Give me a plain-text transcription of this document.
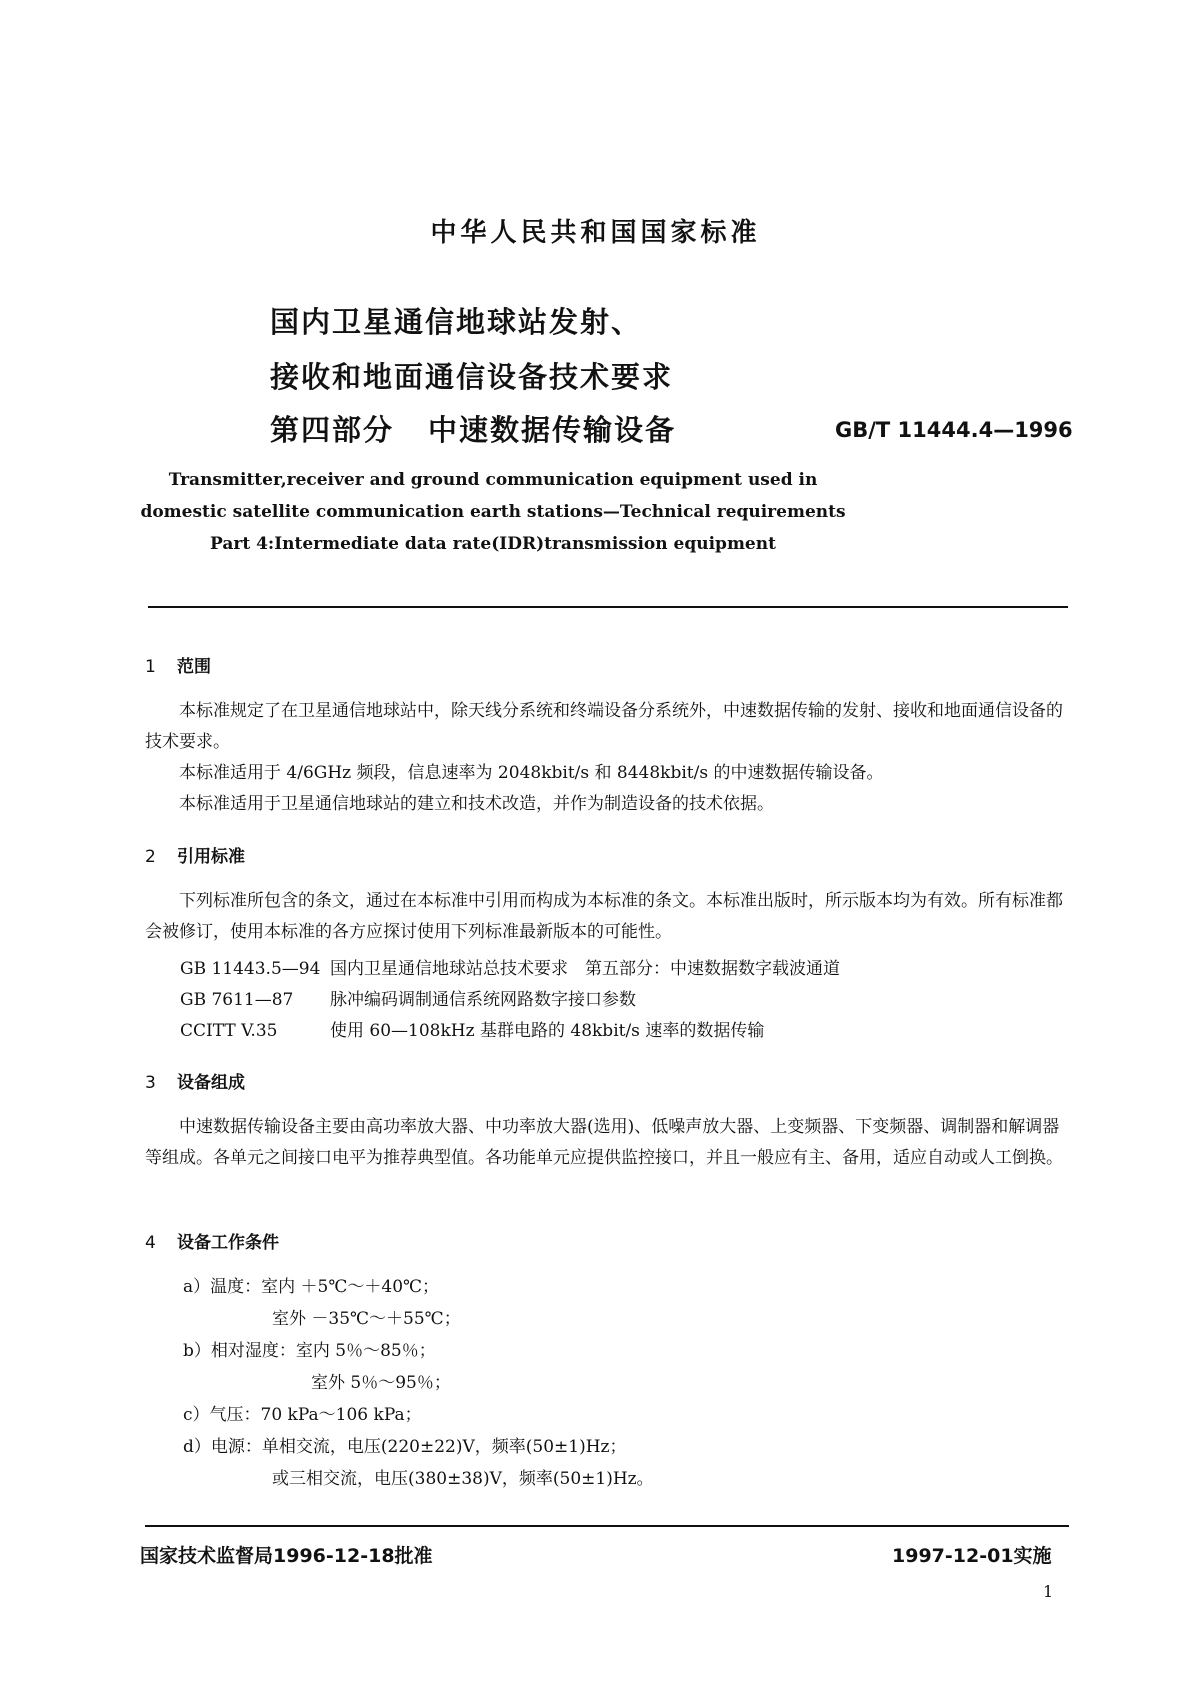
中华人民共和国国家标准
国内卫星通信地球站发射、
接收和地面通信设备技术要求
第四部分 中速数据传输设备	GB/T 11444.4—1996
Transmitter,receiver and ground communication equipment used in
domestic satellite communication earth stations—Technical requirements
Part 4:Intermediate data rate(IDR)transmission equipment
1 范围

本标准规定了在卫星通信地球站中，除天线分系统和终端设备分系统外，中速数据传输的发射、接收和地面通信设备的技术要求。

本标准适用于 4/6GHz 频段，信息速率为 2048kbit/s 和 8448kbit/s 的中速数据传输设备。

本标准适用于卫星通信地球站的建立和技术改造，并作为制造设备的技术依据。

2 引用标准

下列标准所包含的条文，通过在本标准中引用而构成为本标准的条文。本标准出版时，所示版本均为有效。所有标准都会被修订，使用本标准的各方应探讨使用下列标准最新版本的可能性。

GB 11443.5—94 国内卫星通信地球站总技术要求　第五部分：中速数据数字载波通道
GB 7611—87 脉冲编码调制通信系统网路数字接口参数
CCITT V.35	使用 60—108kHz 基群电路的 48kbit/s 速率的数据传输
3 设备组成

中速数据传输设备主要由高功率放大器、中功率放大器(选用)、低噪声放大器、上变频器、下变频器、调制器和解调器等组成。各单元之间接口电平为推荐典型值。各功能单元应提供监控接口，并且一般应有主、备用，适应自动或人工倒换。

4 设备工作条件
a）温度：室内 ＋5℃～＋40℃；
室外 －35℃～＋55℃；
b）相对湿度：室内 5％～85％；
室外 5％～95％；
c）气压：70 kPa～106 kPa；
d）电源：单相交流，电压(220±22)V，频率(50±1)Hz；
或三相交流，电压(380±38)V，频率(50±1)Hz。
国家技术监督局1996-12-18批准	1997-12-01实施
1
